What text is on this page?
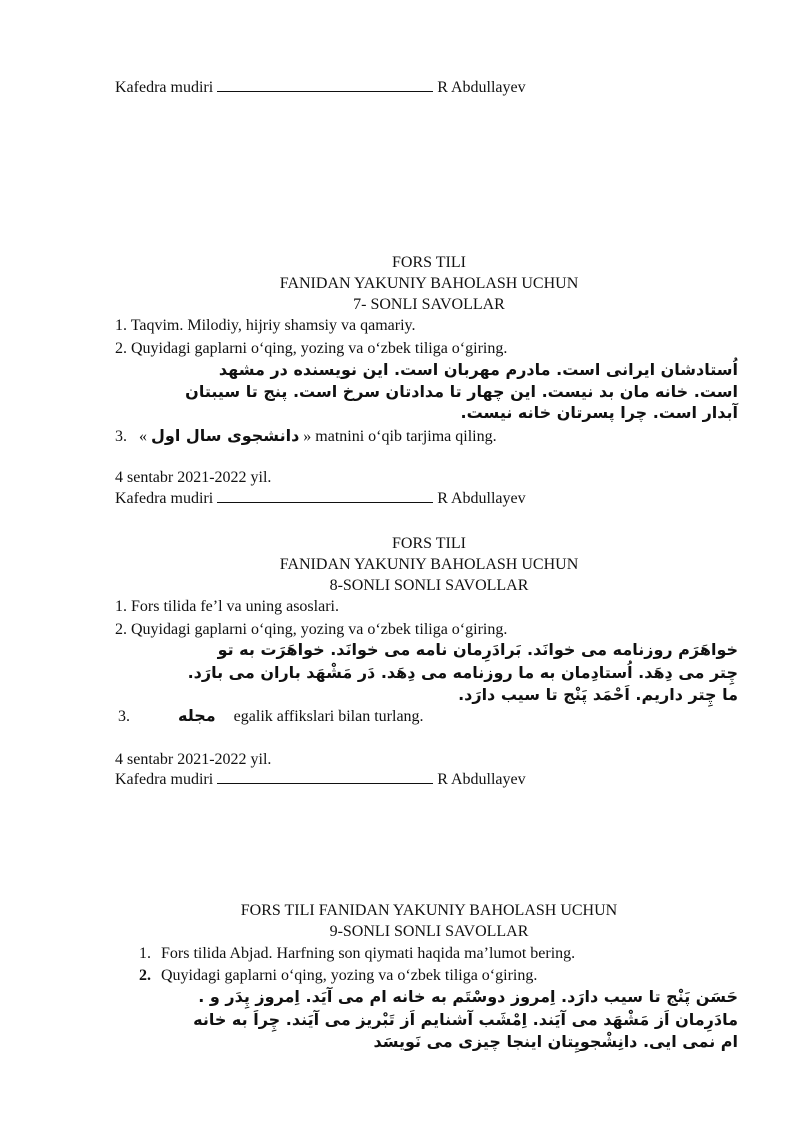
Kafedra mudiri	R Abdullayev
FORS TILI
FANIDAN YAKUNIY BAHOLASH UCHUN
7- SONLI SAVOLLAR
1. Taqvim. Milodiy, hijriy shamsiy va qamariy.
2. Quyidagi gaplarni o‘qing, yozing va o‘zbek tiliga o‘giring.
اُستادشان ایرانی است. مادرم مهربان است. این نویسنده در مشهد
است. خانه مان بد نیست. این چهار تا مدادتان سرخ است. پنج تا سیبتان
آبدار است. چرا پسرتان خانه نیست.
3. « دانشجوی سال اول » matnini o‘qib tarjima qiling.
4 sentabr 2021-2022 yil.
Kafedra mudiri	R Abdullayev
FORS TILI
FANIDAN YAKUNIY BAHOLASH UCHUN
8-SONLI SONLI SAVOLLAR
1. Fors tilida fe’l va uning asoslari.
2. Quyidagi gaplarni o‘qing, yozing va o‘zbek tiliga o‘giring.
خواهَرَم روزنامه می خوانَد. بَرادَرِمان نامه می خوانَد. خواهَرَت به تو
چِتر می دِهَد. اُستادِمان به ما روزنامه می دِهَد. دَر مَشْهَد باران می بارَد.
ما چِتر داریم. اَحْمَد پَنْج تا سیب دارَد.
3.	مجله egalik affikslari bilan turlang.
4 sentabr 2021-2022 yil.
Kafedra mudiri	R Abdullayev
FORS TILI FANIDAN YAKUNIY BAHOLASH UCHUN
9-SONLI SONLI SAVOLLAR
1. Fors tilida Abjad. Harfning son qiymati haqida ma’lumot bering.
2. Quyidagi gaplarni o‘qing, yozing va o‘zbek tiliga o‘giring.
حَسَن پَنْج تا سیب دارَد. اِمروز دوسْتَم به خانه ام می آیَد. اِمروز پِدَر و .
مادَرِمان اَز مَشْهَد می آیَند. اِمْشَب آشنایم اَز تَبْریز می آیَند. چِراَ به خانه
ام نمی ایی. دانِشْجویِتان اینجا چیزی می نَویسَد
